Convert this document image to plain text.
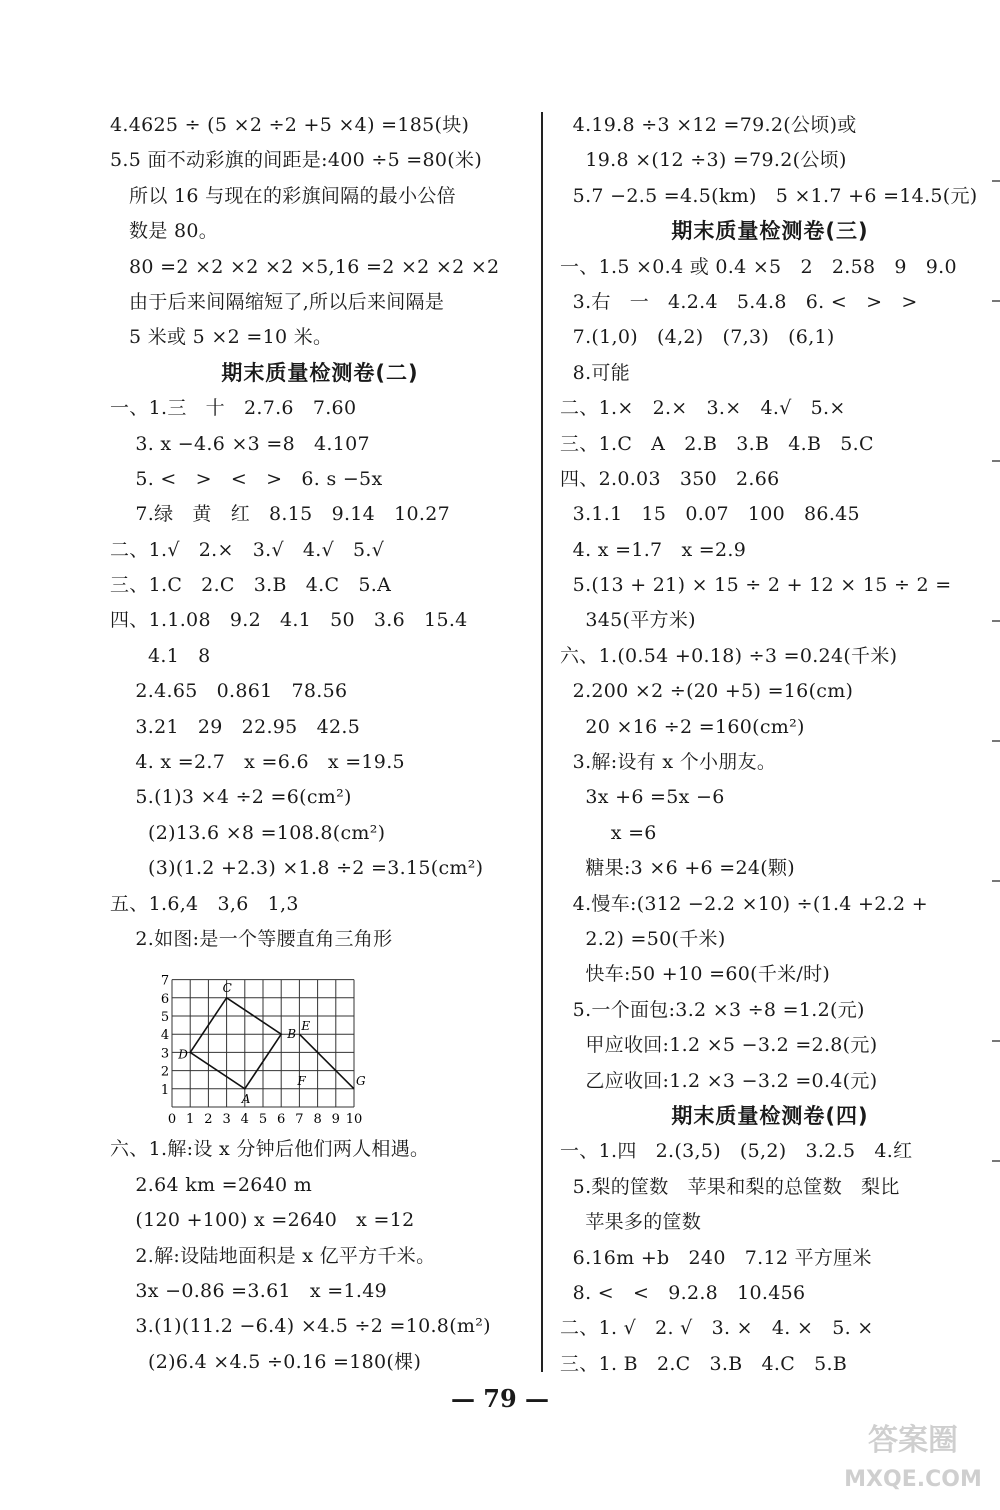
4.4625 ÷ (5 ×2 ÷2 +5 ×4) =185(块)
5.5 面不动彩旗的间距是:400 ÷5 =80(米)
所以 16 与现在的彩旗间隔的最小公倍
数是 80。
80 =2 ×2 ×2 ×2 ×5,16 =2 ×2 ×2 ×2
由于后来间隔缩短了,所以后来间隔是
5 米或 5 ×2 =10 米。
期末质量检测卷(二)
一、1.三   十   2.7.6   7.60
3. x −4.6 ×3 =8   4.107
5. <   >   <   >   6. s −5x
7.绿   黄   红   8.15   9.14   10.27
二、1.√   2.×   3.√   4.√   5.√
三、1.C   2.C   3.B   4.C   5.A
四、1.1.08   9.2   4.1   50   3.6   15.4
4.1   8
2.4.65   0.861   78.56
3.21   29   22.95   42.5
4. x =2.7   x =6.6   x =19.5
5.(1)3 ×4 ÷2 =6(cm²)
(2)13.6 ×8 =108.8(cm²)
(3)(1.2 +2.3) ×1.8 ÷2 =3.15(cm²)
五、1.6,4   3,6   1,3
2.如图:是一个等腰直角三角形
0 1 2 3 4 5 6 7 8 9 10
1
2
3
4
5
6
7	C
B
A
D
E
F	G
六、1.解:设 x 分钟后他们两人相遇。
2.64 km =2640 m
(120 +100) x =2640   x =12
2.解:设陆地面积是 x 亿平方千米。
3x −0.86 =3.61   x =1.49
3.(1)(11.2 −6.4) ×4.5 ÷2 =10.8(m²)
(2)6.4 ×4.5 ÷0.16 =180(棵)
4.19.8 ÷3 ×12 =79.2(公顷)或
19.8 ×(12 ÷3) =79.2(公顷)
5.7 −2.5 =4.5(km)   5 ×1.7 +6 =14.5(元)
期末质量检测卷(三)
一、1.5 ×0.4 或 0.4 ×5   2   2.58   9   9.0
3.右   一   4.2.4   5.4.8   6. <   >   >
7.(1,0)   (4,2)   (7,3)   (6,1)
8.可能
二、1.×   2.×   3.×   4.√   5.×
三、1.C   A   2.B   3.B   4.B   5.C
四、2.0.03   350   2.66
3.1.1   15   0.07   100   86.45
4. x =1.7   x =2.9
5.(13 + 21) × 15 ÷ 2 + 12 × 15 ÷ 2 =
345(平方米)
六、1.(0.54 +0.18) ÷3 =0.24(千米)
2.200 ×2 ÷(20 +5) =16(cm)
20 ×16 ÷2 =160(cm²)
3.解:设有 x 个小朋友。
3x +6 =5x −6
x =6
糖果:3 ×6 +6 =24(颗)
4.慢车:(312 −2.2 ×10) ÷(1.4 +2.2 +
2.2) =50(千米)
快车:50 +10 =60(千米/时)
5.一个面包:3.2 ×3 ÷8 =1.2(元)
甲应收回:1.2 ×5 −3.2 =2.8(元)
乙应收回:1.2 ×3 −3.2 =0.4(元)
期末质量检测卷(四)
一、1.四   2.(3,5)   (5,2)   3.2.5   4.红
5.梨的筐数   苹果和梨的总筐数   梨比
苹果多的筐数
6.16m +b   240   7.12 平方厘米
8. <   <   9.2.8   10.456
二、1. √   2. √   3. ×   4. ×   5. ×
三、1. B   2.C   3.B   4.C   5.B
— 79 —
答案圈
MXQE.COM
